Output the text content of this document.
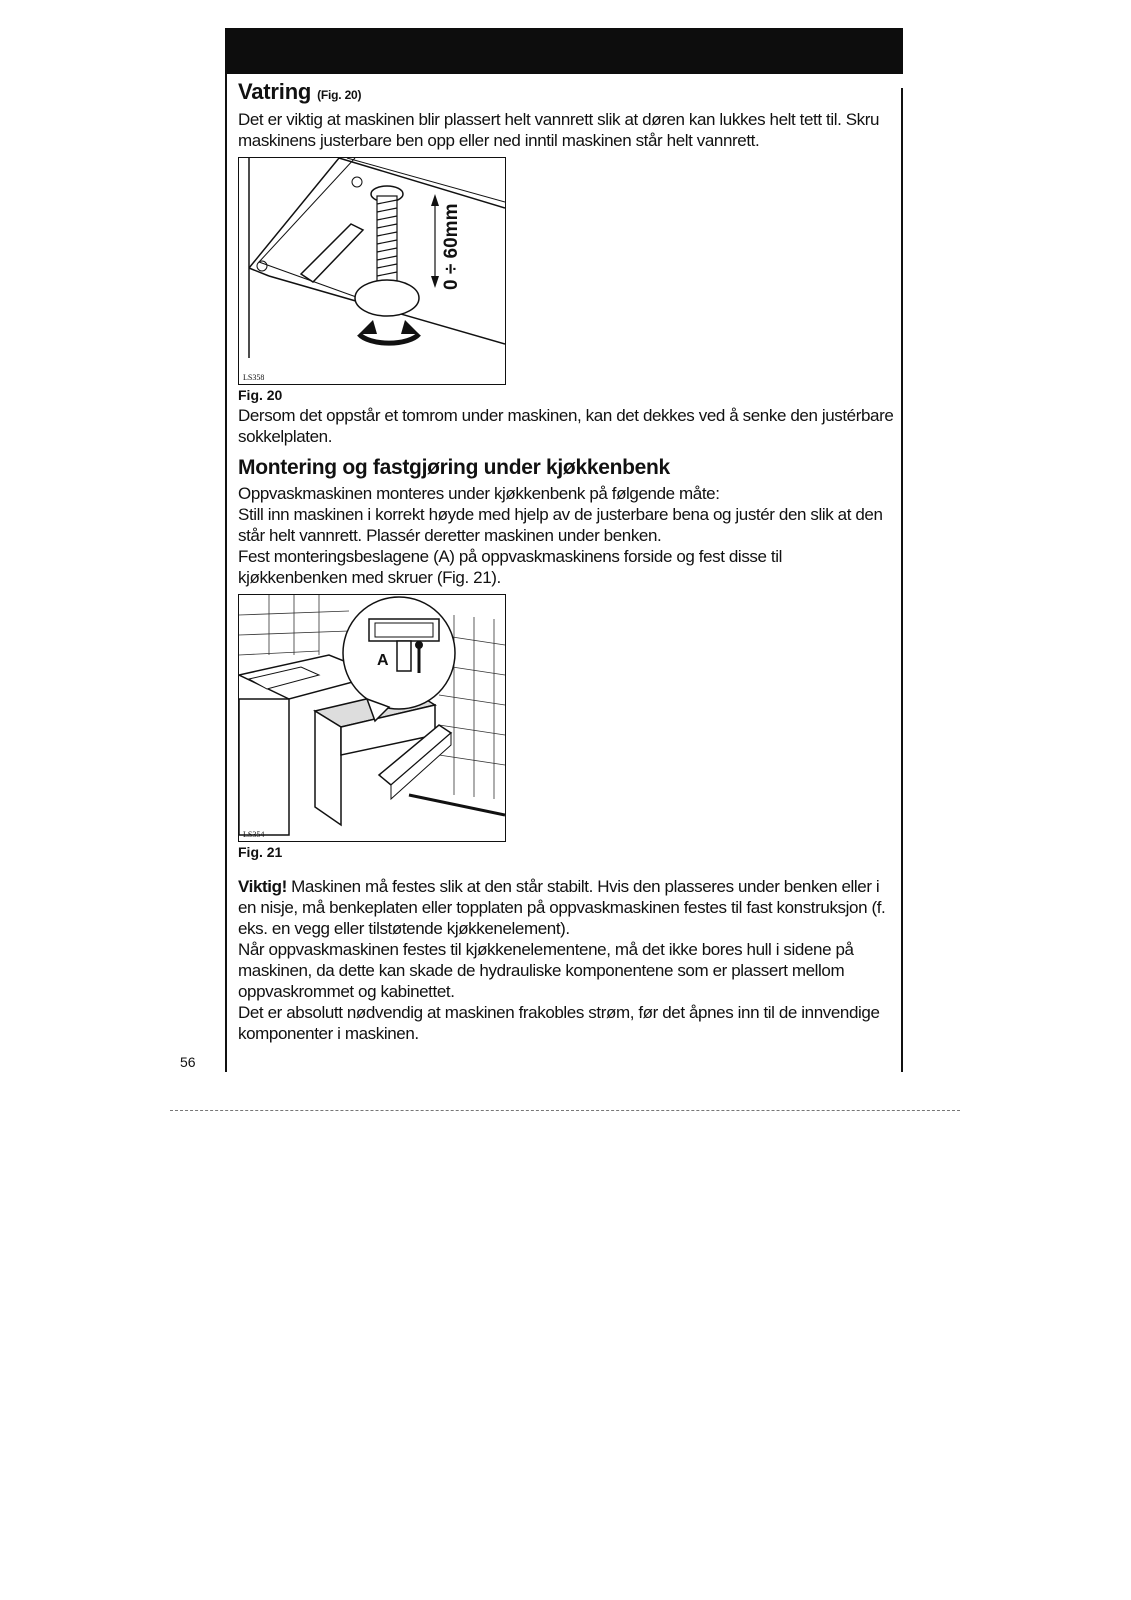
56
Vatring (Fig. 20)

Det er viktig at maskinen blir plassert helt vannrett slik at døren kan lukkes helt tett til. Skru maskinens justerbare ben opp eller ned inntil maskinen står helt vannrett.

0 ÷ 60mm
LS358
Fig. 20

Dersom det oppstår et tomrom under maskinen, kan det dekkes ved å senke den justérbare sokkelplaten.

Montering og fastgjøring under kjøkkenbenk

Oppvaskmaskinen monteres under kjøkkenbenk på følgende måte:

Still inn maskinen i korrekt høyde med hjelp av de justerbare bena og justér den slik at den står helt vannrett. Plassér deretter maskinen under benken.

Fest monteringsbeslagene (A) på oppvaskmaskinens forside og fest disse til kjøkkenbenken med skruer (Fig. 21).

A
LS354
Fig. 21

Viktig! Maskinen må festes slik at den står stabilt. Hvis den plasseres under benken eller i en nisje, må benkeplaten eller topplaten på oppvaskmaskinen festes til fast konstruksjon (f. eks. en vegg eller tilstøtende kjøkkenelement).

Når oppvaskmaskinen festes til kjøkkenelementene, må det ikke bores hull i sidene på maskinen, da dette kan skade de hydrauliske komponentene som er plassert mellom oppvaskrommet og kabinettet.

Det er absolutt nødvendig at maskinen frakobles strøm, før det åpnes inn til de innvendige komponenter i maskinen.
